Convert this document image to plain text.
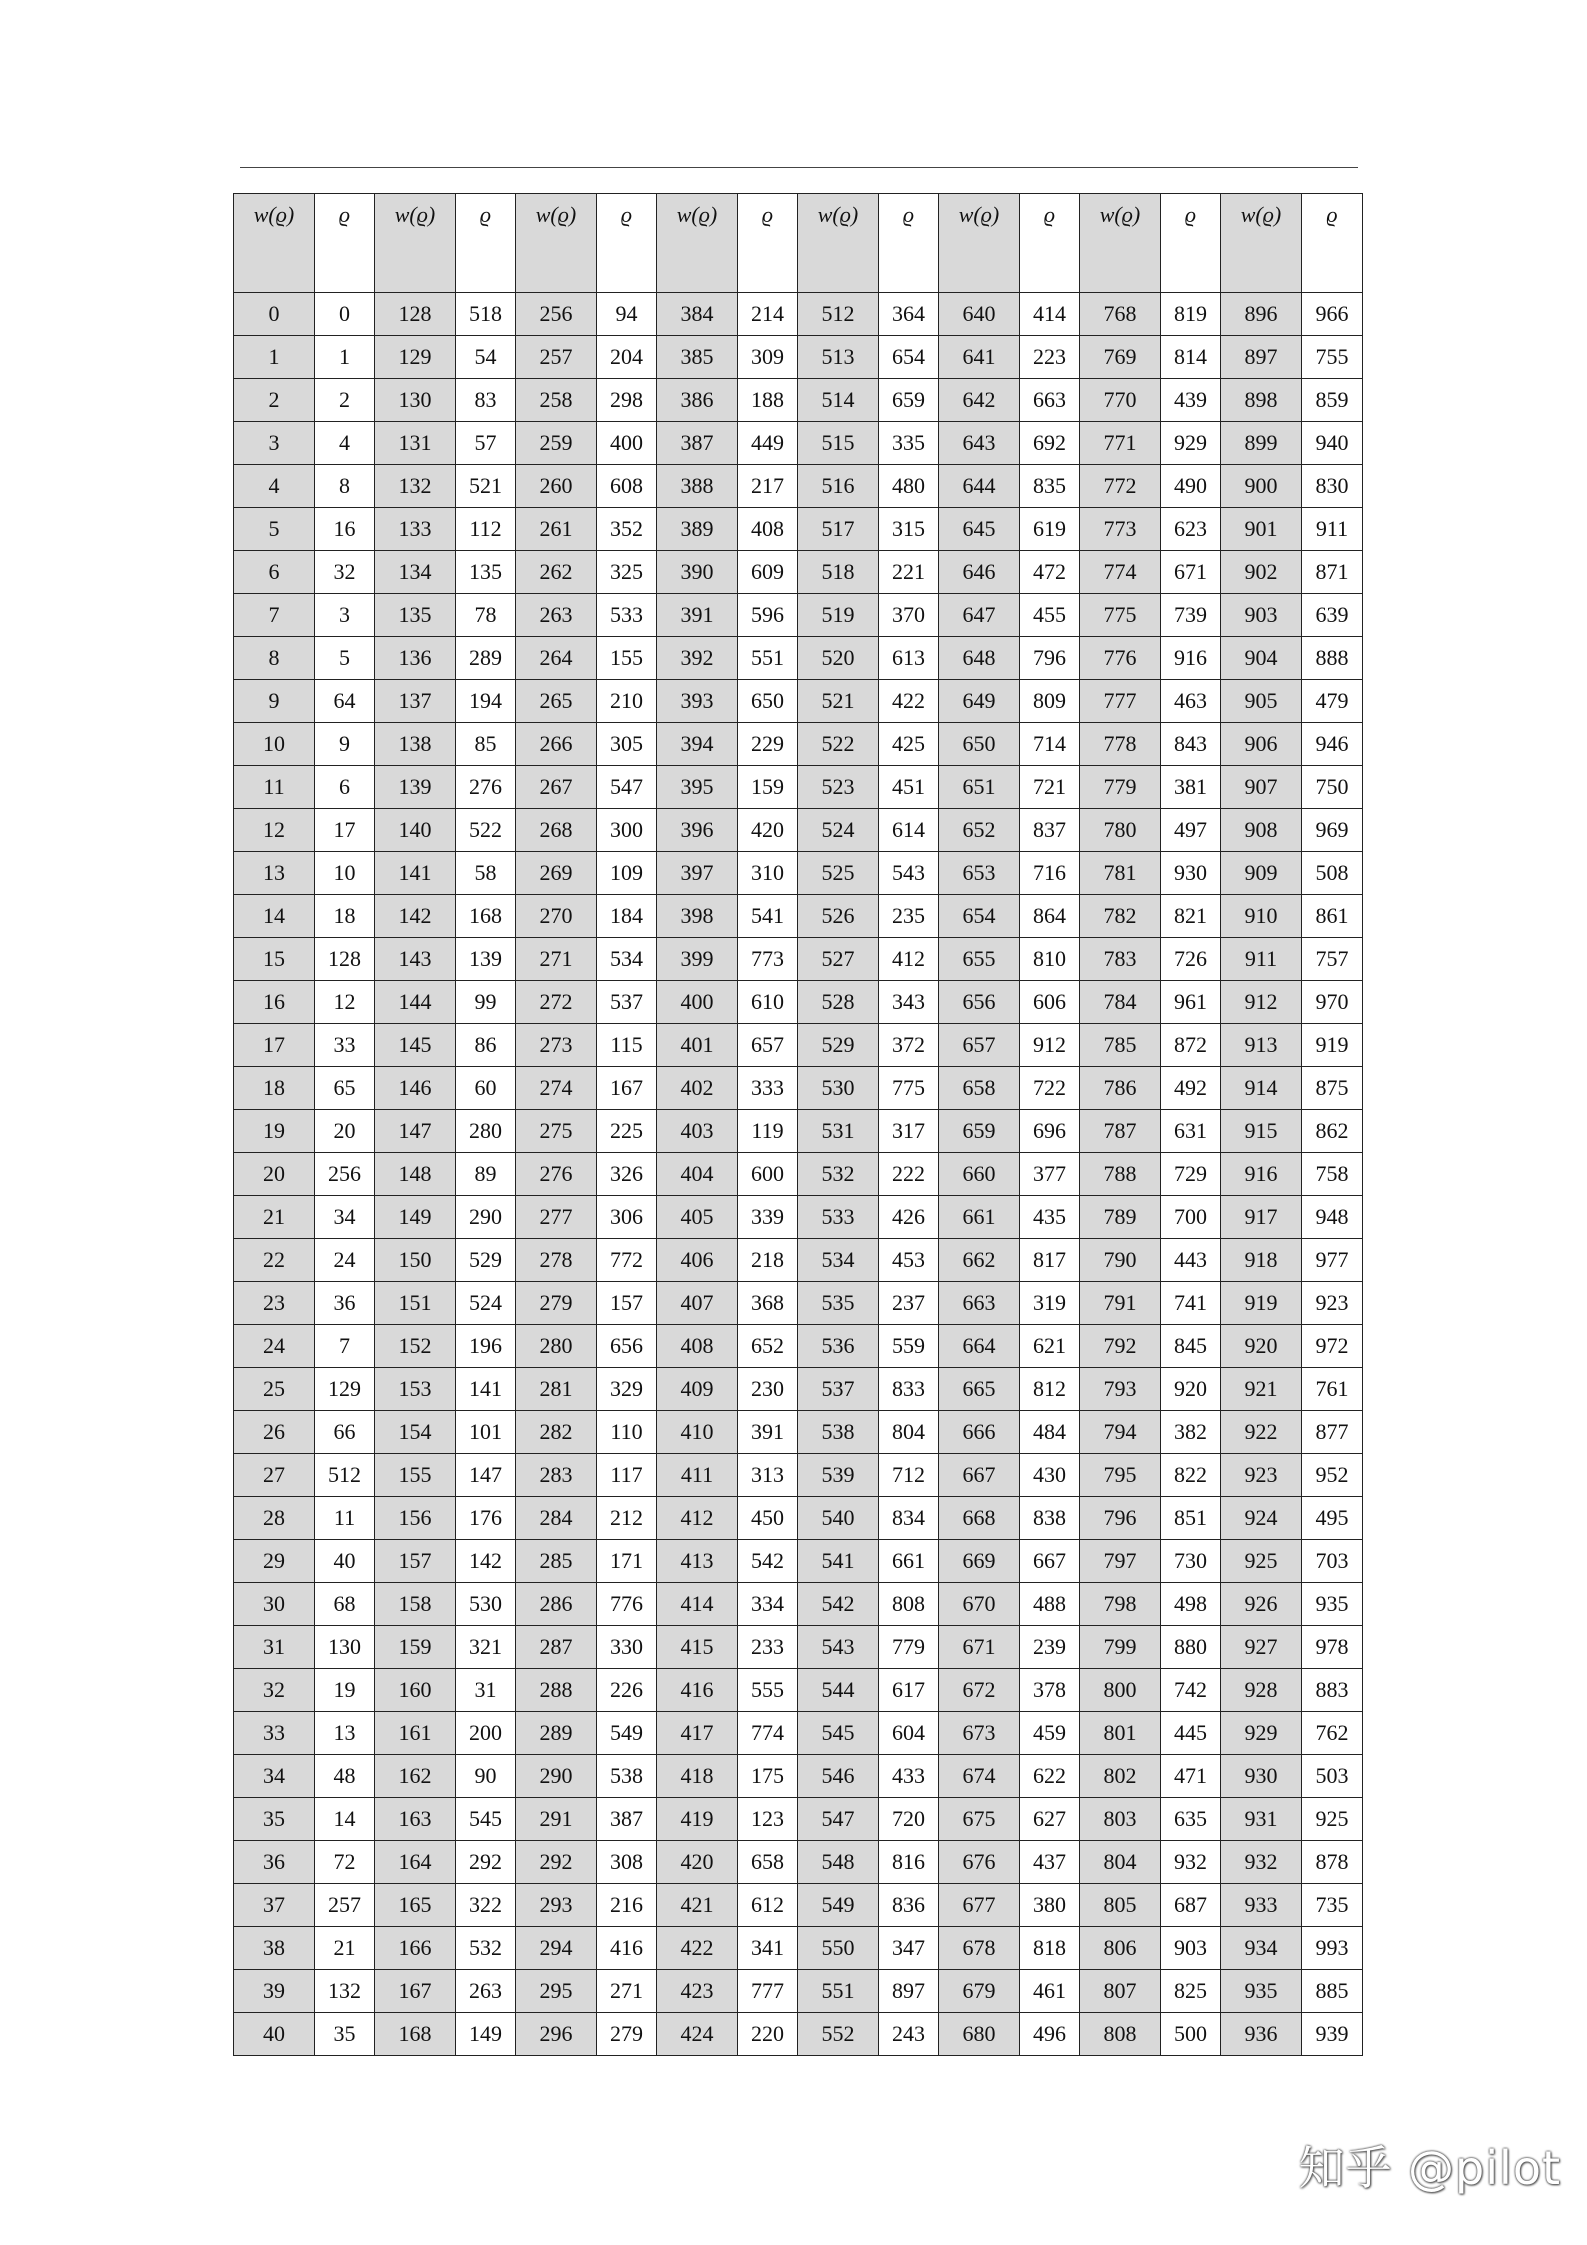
w(ϱ)	ϱ	w(ϱ)	ϱ	w(ϱ)	ϱ	w(ϱ)	ϱ	w(ϱ)	ϱ	w(ϱ)	ϱ	w(ϱ)	ϱ	w(ϱ)	ϱ
0	0	128	518	256	94	384	214	512	364	640	414	768	819	896	966
1	1	129	54	257	204	385	309	513	654	641	223	769	814	897	755
2	2	130	83	258	298	386	188	514	659	642	663	770	439	898	859
3	4	131	57	259	400	387	449	515	335	643	692	771	929	899	940
4	8	132	521	260	608	388	217	516	480	644	835	772	490	900	830
5	16	133	112	261	352	389	408	517	315	645	619	773	623	901	911
6	32	134	135	262	325	390	609	518	221	646	472	774	671	902	871
7	3	135	78	263	533	391	596	519	370	647	455	775	739	903	639
8	5	136	289	264	155	392	551	520	613	648	796	776	916	904	888
9	64	137	194	265	210	393	650	521	422	649	809	777	463	905	479
10	9	138	85	266	305	394	229	522	425	650	714	778	843	906	946
11	6	139	276	267	547	395	159	523	451	651	721	779	381	907	750
12	17	140	522	268	300	396	420	524	614	652	837	780	497	908	969
13	10	141	58	269	109	397	310	525	543	653	716	781	930	909	508
14	18	142	168	270	184	398	541	526	235	654	864	782	821	910	861
15	128	143	139	271	534	399	773	527	412	655	810	783	726	911	757
16	12	144	99	272	537	400	610	528	343	656	606	784	961	912	970
17	33	145	86	273	115	401	657	529	372	657	912	785	872	913	919
18	65	146	60	274	167	402	333	530	775	658	722	786	492	914	875
19	20	147	280	275	225	403	119	531	317	659	696	787	631	915	862
20	256	148	89	276	326	404	600	532	222	660	377	788	729	916	758
21	34	149	290	277	306	405	339	533	426	661	435	789	700	917	948
22	24	150	529	278	772	406	218	534	453	662	817	790	443	918	977
23	36	151	524	279	157	407	368	535	237	663	319	791	741	919	923
24	7	152	196	280	656	408	652	536	559	664	621	792	845	920	972
25	129	153	141	281	329	409	230	537	833	665	812	793	920	921	761
26	66	154	101	282	110	410	391	538	804	666	484	794	382	922	877
27	512	155	147	283	117	411	313	539	712	667	430	795	822	923	952
28	11	156	176	284	212	412	450	540	834	668	838	796	851	924	495
29	40	157	142	285	171	413	542	541	661	669	667	797	730	925	703
30	68	158	530	286	776	414	334	542	808	670	488	798	498	926	935
31	130	159	321	287	330	415	233	543	779	671	239	799	880	927	978
32	19	160	31	288	226	416	555	544	617	672	378	800	742	928	883
33	13	161	200	289	549	417	774	545	604	673	459	801	445	929	762
34	48	162	90	290	538	418	175	546	433	674	622	802	471	930	503
35	14	163	545	291	387	419	123	547	720	675	627	803	635	931	925
36	72	164	292	292	308	420	658	548	816	676	437	804	932	932	878
37	257	165	322	293	216	421	612	549	836	677	380	805	687	933	735
38	21	166	532	294	416	422	341	550	347	678	818	806	903	934	993
39	132	167	263	295	271	423	777	551	897	679	461	807	825	935	885
40	35	168	149	296	279	424	220	552	243	680	496	808	500	936	939
知乎 @pilot
